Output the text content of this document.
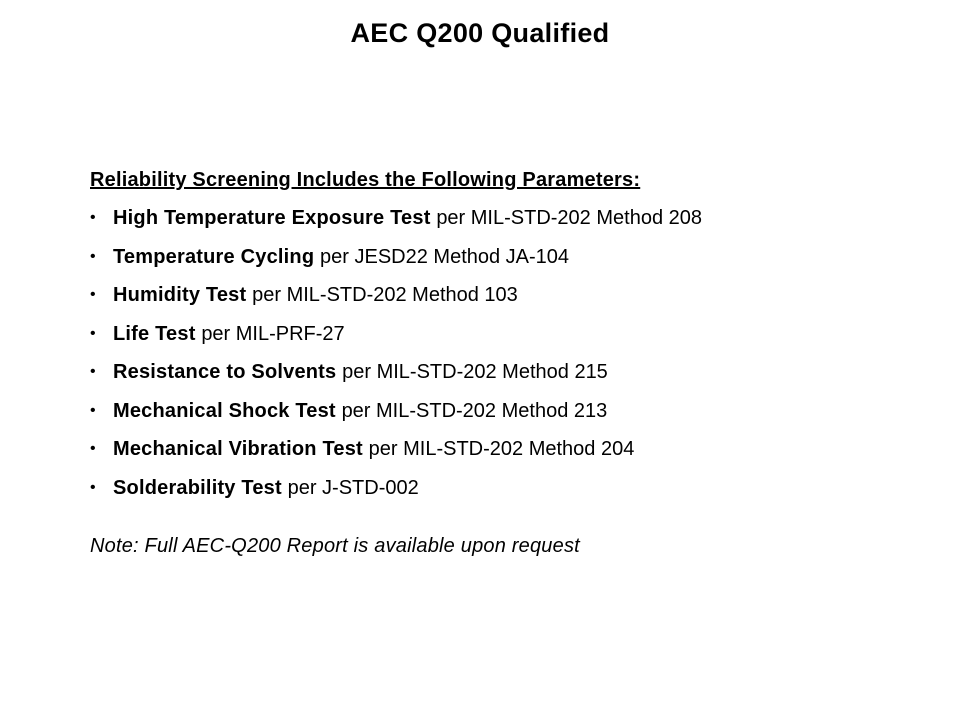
AEC Q200 Qualified
Reliability Screening Includes the Following Parameters:
• High Temperature Exposure Test per MIL-STD-202 Method 208
• Temperature Cycling per JESD22 Method JA-104
• Humidity Test per MIL-STD-202 Method 103
• Life Test per MIL-PRF-27
• Resistance to Solvents per MIL-STD-202 Method 215
• Mechanical Shock Test per MIL-STD-202 Method 213
• Mechanical Vibration Test per MIL-STD-202 Method 204
• Solderability Test per J-STD-002
Note: Full AEC-Q200 Report is available upon request
